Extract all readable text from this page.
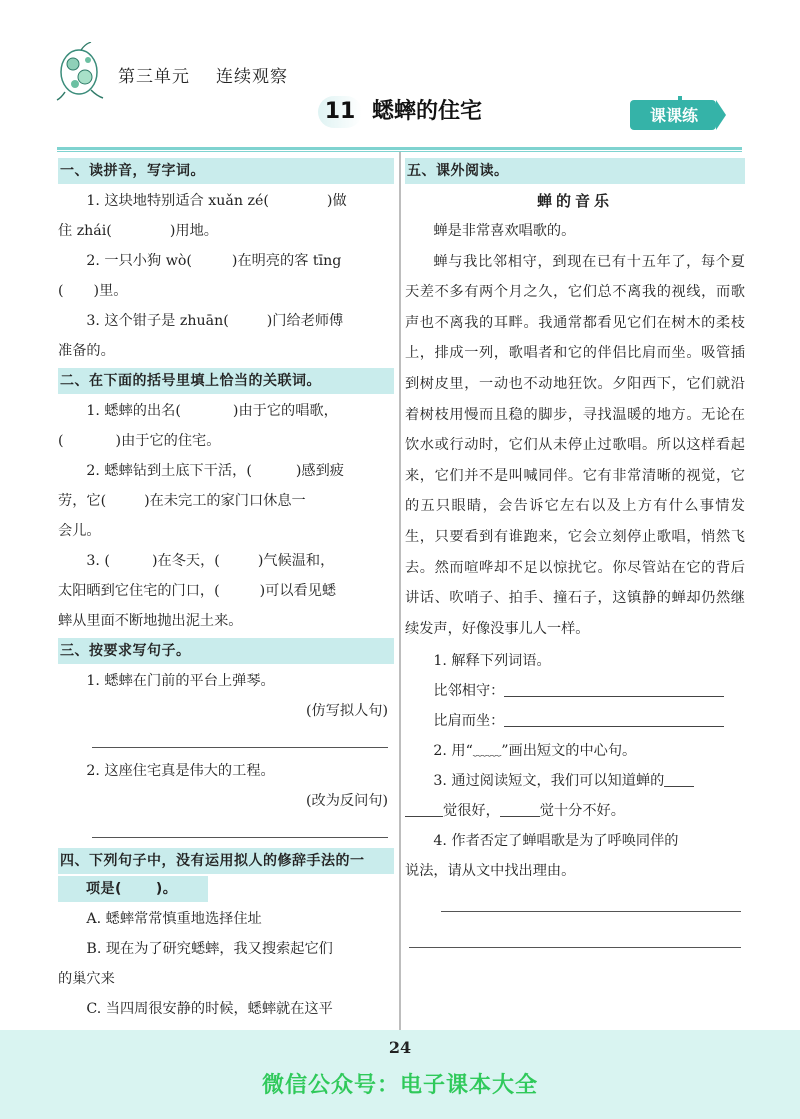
第三单元 连续观察
11 蟋蟀的住宅	课课练
一、读拼音，写字词。
1. 这块地特别适合 xuǎn zé(	)做
住 zhái(	)用地。
2. 一只小狗 wò(	)在明亮的客 tīng
( )里。
3. 这个钳子是 zhuān(	)门给老师傅
准备的。
二、在下面的括号里填上恰当的关联词。
1. 蟋蟀的出名(	)由于它的唱歌，
(	)由于它的住宅。
2. 蟋蟀钻到土底下干活，(	)感到疲
劳，它(	)在未完工的家门口休息一
会儿。
3. (	)在冬天，(	)气候温和，
太阳晒到它住宅的门口，(	)可以看见蟋
蟀从里面不断地抛出泥土来。
三、按要求写句子。
1. 蟋蟀在门前的平台上弹琴。
(仿写拟人句)
2. 这座住宅真是伟大的工程。
(改为反问句)
四、下列句子中，没有运用拟人的修辞手法的一
项是( )。
A. 蟋蟀常常慎重地选择住址
B. 现在为了研究蟋蟀，我又搜索起它们
的巢穴来
C. 当四周很安静的时候，蟋蟀就在这平
五、课外阅读。
蝉的音乐
蝉是非常喜欢唱歌的。
蝉与我比邻相守，到现在已有十五年了，每个夏天差不多有两个月之久，它们总不离我的视线，而歌声也不离我的耳畔。我通常都看见它们在树木的柔枝上，排成一列，歌唱者和它的伴侣比肩而坐。吸管插到树皮里，一动也不动地狂饮。夕阳西下，它们就沿着树枝用慢而且稳的脚步，寻找温暖的地方。无论在饮水或行动时，它们从未停止过歌唱。所以这样看起来，它们并不是叫喊同伴。它有非常清晰的视觉，它的五只眼睛，会告诉它左右以及上方有什么事情发生，只要看到有谁跑来，它会立刻停止歌唱，悄然飞去。然而喧哗却不足以惊扰它。你尽管站在它的背后讲话、吹哨子、拍手、撞石子，这镇静的蝉却仍然继续发声，好像没事儿人一样。
1. 解释下列词语。
比邻相守：
比肩而坐：
2. 用“﹏﹏”画出短文的中心句。
3. 通过阅读短文，我们可以知道蝉的
觉很好，	觉十分不好。
4. 作者否定了蝉唱歌是为了呼唤同伴的
说法，请从文中找出理由。
24
微信公众号：电子课本大全
